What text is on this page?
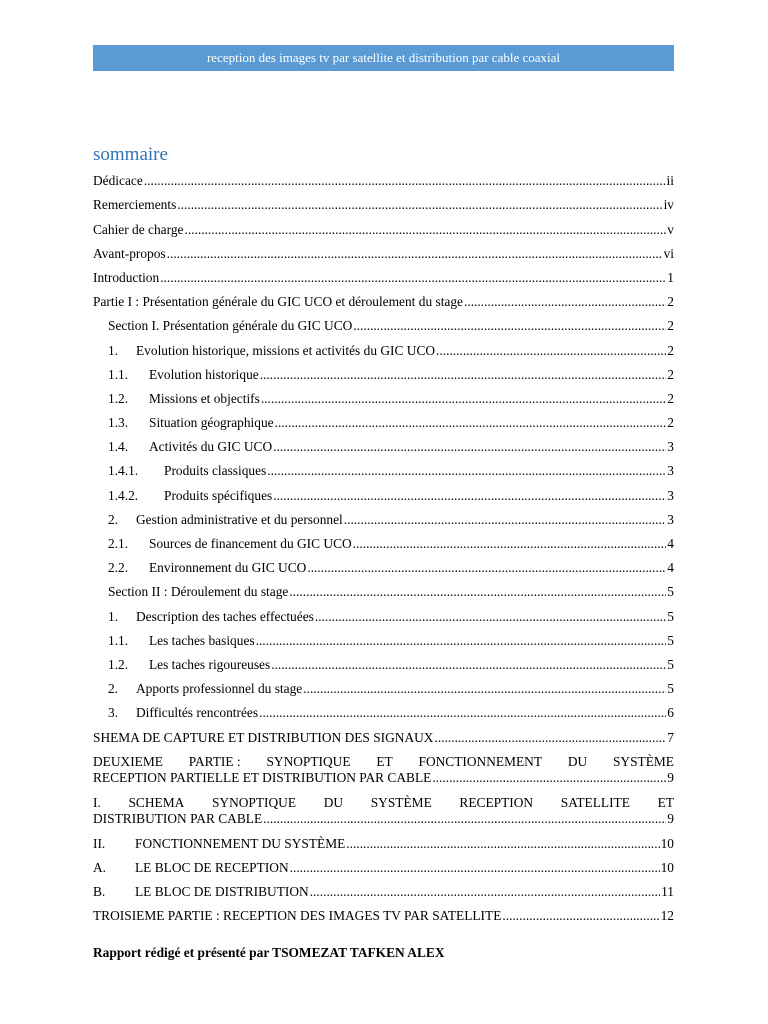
reception des images tv par satellite et distribution par cable coaxial
sommaire
Dédicace .....	ii
Remerciements .....	iv
Cahier de charge .....	v
Avant-propos .....	vi
Introduction .....	1
Partie I : Présentation générale du GIC UCO et déroulement du stage .....	2
Section I. Présentation générale du GIC UCO .....	2
1. Evolution historique, missions et activités du GIC UCO .....	2
1.1. Evolution historique .....	2
1.2. Missions et objectifs .....	2
1.3. Situation géographique .....	2
1.4. Activités du GIC UCO .....	3
1.4.1. Produits classiques .....	3
1.4.2. Produits spécifiques .....	3
2. Gestion administrative et du personnel .....	3
2.1. Sources de financement du GIC UCO .....	4
2.2. Environnement du GIC UCO .....	4
Section II : Déroulement du stage .....	5
1. Description des taches effectuées .....	5
1.1. Les taches basiques .....	5
1.2. Les taches rigoureuses .....	5
2. Apports professionnel du stage .....	5
3. Difficultés rencontrées .....	6
SHEMA DE CAPTURE ET DISTRIBUTION DES SIGNAUX .....	7
DEUXIEME PARTIE : SYNOPTIQUE ET FONCTIONNEMENT DU SYSTÈME
RECEPTION PARTIELLE ET DISTRIBUTION PAR CABLE .....	9
I. SCHEMA SYNOPTIQUE DU SYSTÈME RECEPTION SATELLITE ET
DISTRIBUTION PAR CABLE .....	9
II. FONCTIONNEMENT DU SYSTÈME .....	10
A. LE BLOC DE RECEPTION .....	10
B. LE BLOC DE DISTRIBUTION .....	11
TROISIEME PARTIE : RECEPTION DES IMAGES TV PAR SATELLITE .....	12
Rapport rédigé et présenté par TSOMEZAT TAFKEN ALEX
